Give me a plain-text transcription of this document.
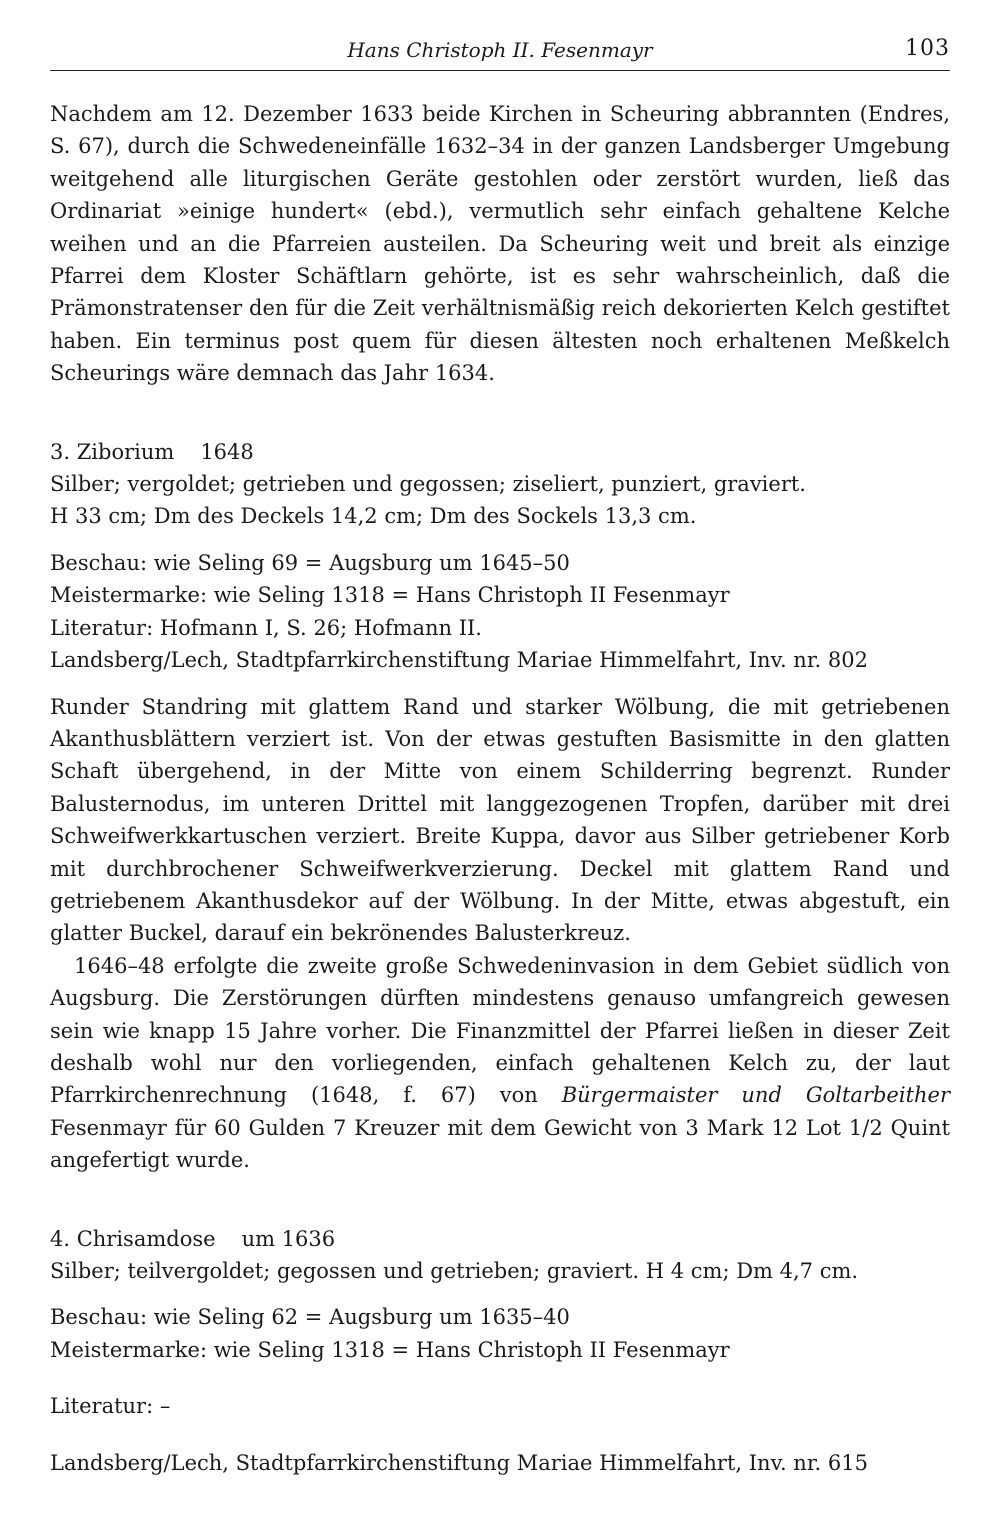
Hans Christoph II. Fesenmayr	103

Nachdem am 12. Dezember 1633 beide Kirchen in Scheuring abbrannten (Endres, S. 67), durch die Schwedeneinfälle 1632–34 in der ganzen Landsberger Umgebung weitgehend alle liturgischen Geräte gestohlen oder zerstört wurden, ließ das Ordinariat »einige hundert« (ebd.), vermutlich sehr einfach gehaltene Kelche weihen und an die Pfarreien austeilen. Da Scheuring weit und breit als einzige Pfarrei dem Kloster Schäftlarn gehörte, ist es sehr wahrscheinlich, daß die Prämonstratenser den für die Zeit verhältnismäßig reich dekorierten Kelch gestiftet haben. Ein terminus post quem für diesen ältesten noch erhaltenen Meßkelch Scheurings wäre demnach das Jahr 1634.

3. Ziborium 1648
Silber; vergoldet; getrieben und gegossen; ziseliert, punziert, graviert.
H 33 cm; Dm des Deckels 14,2 cm; Dm des Sockels 13,3 cm.
Beschau: wie Seling 69 = Augsburg um 1645–50
Meistermarke: wie Seling 1318 = Hans Christoph II Fesenmayr
Literatur: Hofmann I, S. 26; Hofmann II.
Landsberg/Lech, Stadtpfarrkirchenstiftung Mariae Himmelfahrt, Inv. nr. 802

Runder Standring mit glattem Rand und starker Wölbung, die mit getriebenen Akanthusblättern verziert ist. Von der etwas gestuften Basismitte in den glatten Schaft übergehend, in der Mitte von einem Schilderring begrenzt. Runder Balusternodus, im unteren Drittel mit langgezogenen Tropfen, darüber mit drei Schweifwerkkartuschen verziert. Breite Kuppa, davor aus Silber getriebener Korb mit durchbrochener Schweifwerkverzierung. Deckel mit glattem Rand und getriebenem Akanthusdekor auf der Wölbung. In der Mitte, etwas abgestuft, ein glatter Buckel, darauf ein bekrönendes Balusterkreuz.

1646–48 erfolgte die zweite große Schwedeninvasion in dem Gebiet südlich von Augsburg. Die Zerstörungen dürften mindestens genauso umfangreich gewesen sein wie knapp 15 Jahre vorher. Die Finanzmittel der Pfarrei ließen in dieser Zeit deshalb wohl nur den vorliegenden, einfach gehaltenen Kelch zu, der laut Pfarrkirchenrechnung (1648, f. 67) von Bürgermaister und Goltarbeither Fesenmayr für 60 Gulden 7 Kreuzer mit dem Gewicht von 3 Mark 12 Lot 1/2 Quint angefertigt wurde.

4. Chrisamdose um 1636
Silber; teilvergoldet; gegossen und getrieben; graviert. H 4 cm; Dm 4,7 cm.
Beschau: wie Seling 62 = Augsburg um 1635–40
Meistermarke: wie Seling 1318 = Hans Christoph II Fesenmayr
Literatur: –
Landsberg/Lech, Stadtpfarrkirchenstiftung Mariae Himmelfahrt, Inv. nr. 615
